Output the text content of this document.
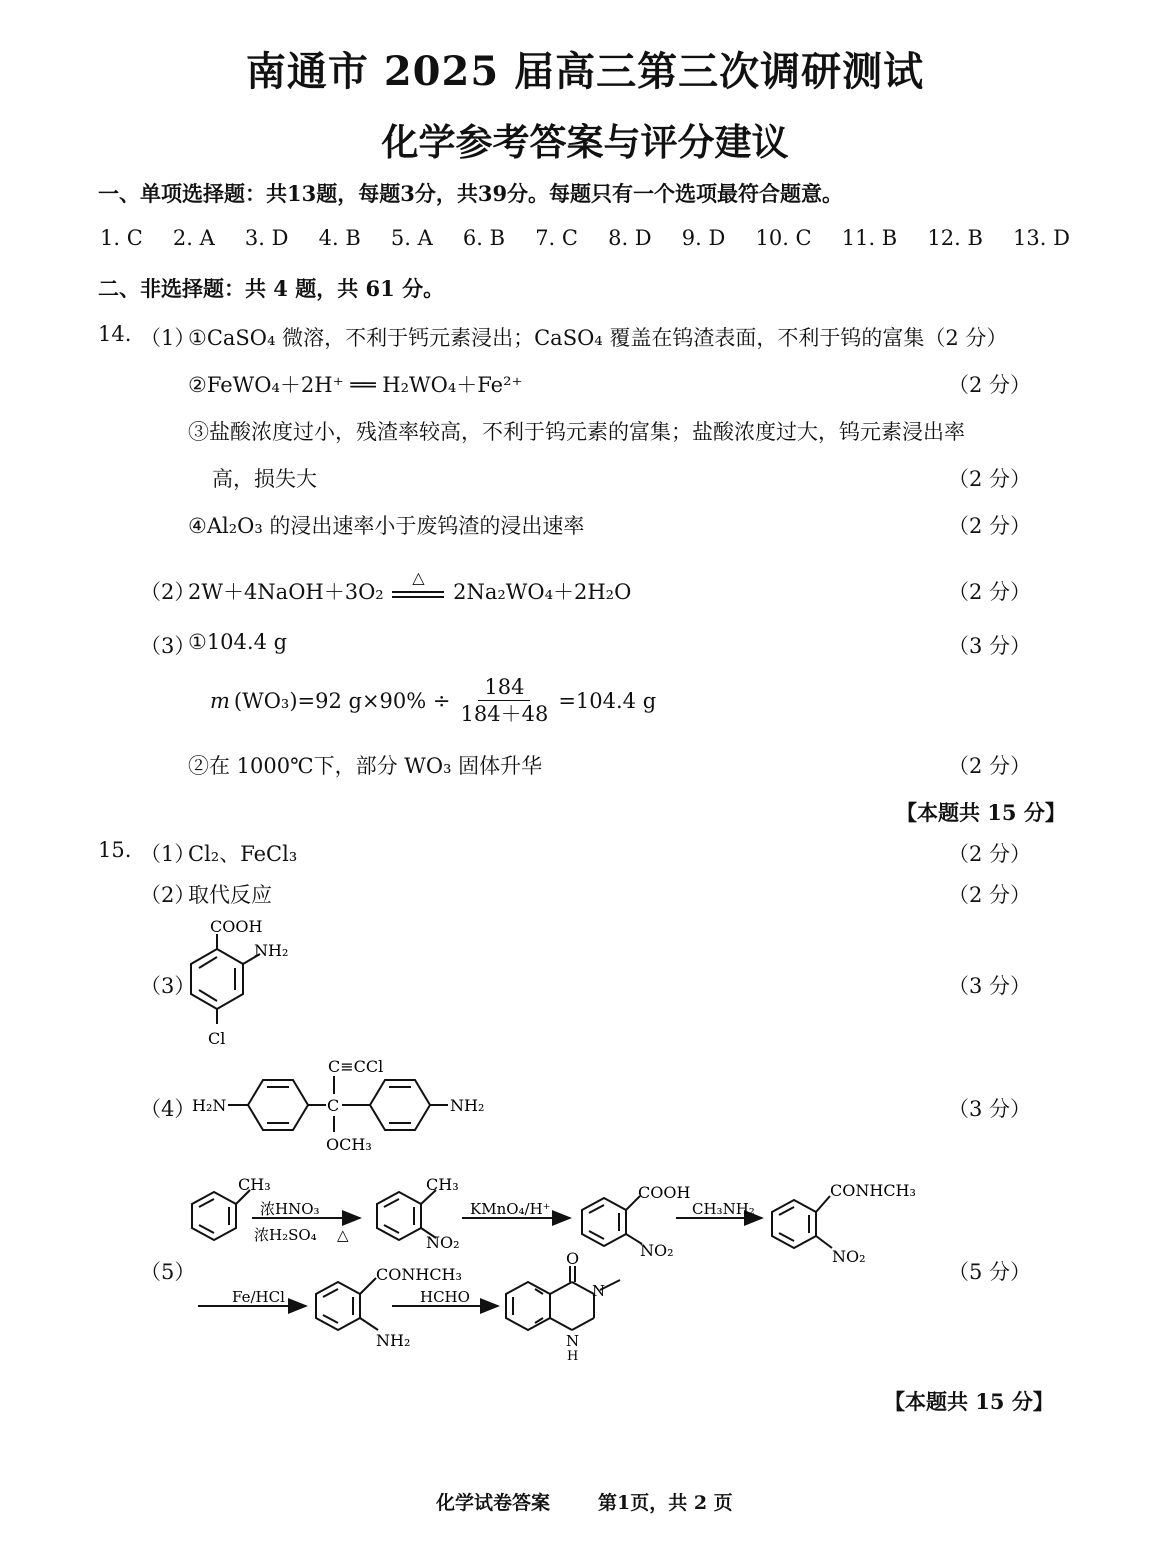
南通市 2025 届高三第三次调研测试
化学参考答案与评分建议
一、单项选择题：共13题，每题3分，共39分。每题只有一个选项最符合题意。
1. C 2. A 3. D 4. B 5. A 6. B 7. C 8. D 9. D 10. C 11. B 12. B 13. D
二、非选择题：共 4 题，共 61 分。
14. （1）
①CaSO₄ 微溶，不利于钙元素浸出；CaSO₄ 覆盖在钨渣表面，不利于钨的富集（2 分）
②FeWO₄＋2H⁺ ══ H₂WO₄＋Fe²⁺	（2 分）
③盐酸浓度过小，残渣率较高，不利于钨元素的富集；盐酸浓度过大，钨元素浸出率
高，损失大	（2 分）
④Al₂O₃ 的浸出速率小于废钨渣的浸出速率	（2 分）
（2）
2W＋4NaOH＋3O₂
△
2Na₂WO₄＋2H₂O	（2 分）
（3）
①104.4 g	（3 分）
m (WO₃)=92 $g\times 90\% \div \frac{184}{184+48} =104.4$ g
②在 1000℃下，部分 WO₃ 固体升华	（2 分）
【本题共 15 分】
15. （1）
Cl₂、FeCl₃	（2 分）
（2）
取代反应	（2 分）
（3）	（3 分）
COOH
NH₂
Cl
（4）	（3 分）
H₂N	C	NH₂
C≡CCl
OCH₃
（5）	（5 分）
CH₃
浓HNO₃
浓H₂SO₄ △
CH₃
NO₂
KMnO₄/H⁺
COOH
NO₂
CH₃NH₂
CONHCH₃
NO₂
Fe/HCl
CONHCH₃
NH₂
HCHO
O
N
N
H
【本题共 15 分】
化学试卷答案	第1页，共 2 页
